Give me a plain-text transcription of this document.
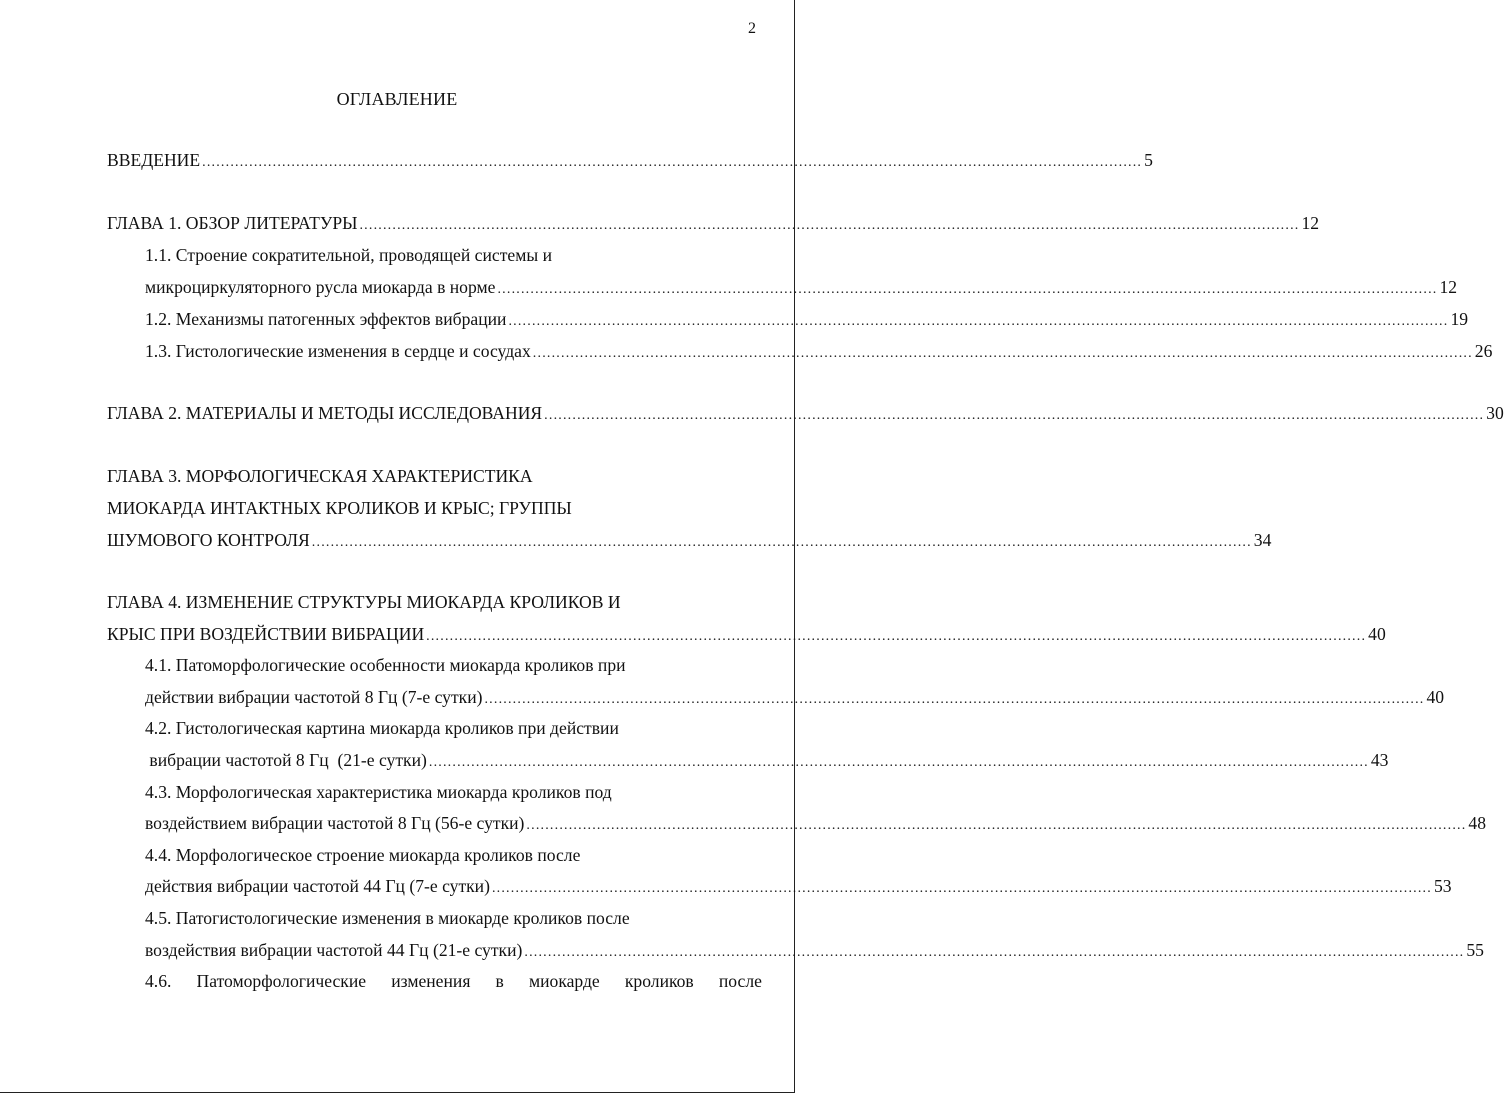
2
ОГЛАВЛЕНИЕ
ВВЕДЕНИЕ ........................................................................................................................................................................................................ 5
ГЛАВА 1. ОБЗОР ЛИТЕРАТУРЫ ........................................................................................................................................................................................................ 12
1.1. Строение сократительной, проводящей системы и
микроциркуляторного русла миокарда в норме ........................................................................................................................................................................................................ 12
1.2. Механизмы патогенных эффектов вибрации ........................................................................................................................................................................................................ 19
1.3. Гистологические изменения в сердце и сосудах ........................................................................................................................................................................................................ 26
ГЛАВА 2. МАТЕРИАЛЫ И МЕТОДЫ ИССЛЕДОВАНИЯ ........................................................................................................................................................................................................ 30
ГЛАВА 3. МОРФОЛОГИЧЕСКАЯ ХАРАКТЕРИСТИКА
МИОКАРДА ИНТАКТНЫХ КРОЛИКОВ И КРЫС; ГРУППЫ
ШУМОВОГО КОНТРОЛЯ ........................................................................................................................................................................................................ 34
ГЛАВА 4. ИЗМЕНЕНИЕ СТРУКТУРЫ МИОКАРДА КРОЛИКОВ И
КРЫС ПРИ ВОЗДЕЙСТВИИ ВИБРАЦИИ ........................................................................................................................................................................................................ 40
4.1. Патоморфологические особенности миокарда кроликов при
действии вибрации частотой 8 Гц (7-е сутки) ........................................................................................................................................................................................................ 40
4.2. Гистологическая картина миокарда кроликов при действии
вибрации частотой 8 Гц  (21-е сутки) ........................................................................................................................................................................................................ 43
4.3. Морфологическая характеристика миокарда кроликов под
воздействием вибрации частотой 8 Гц (56-е сутки) ........................................................................................................................................................................................................ 48
4.4. Морфологическое строение миокарда кроликов после
действия вибрации частотой 44 Гц (7-е сутки) ........................................................................................................................................................................................................ 53
4.5. Патогистологические изменения в миокарде кроликов после
воздействия вибрации частотой 44 Гц (21-е сутки) ........................................................................................................................................................................................................ 55
4.6. Патоморфологические изменения в миокарде кроликов после
